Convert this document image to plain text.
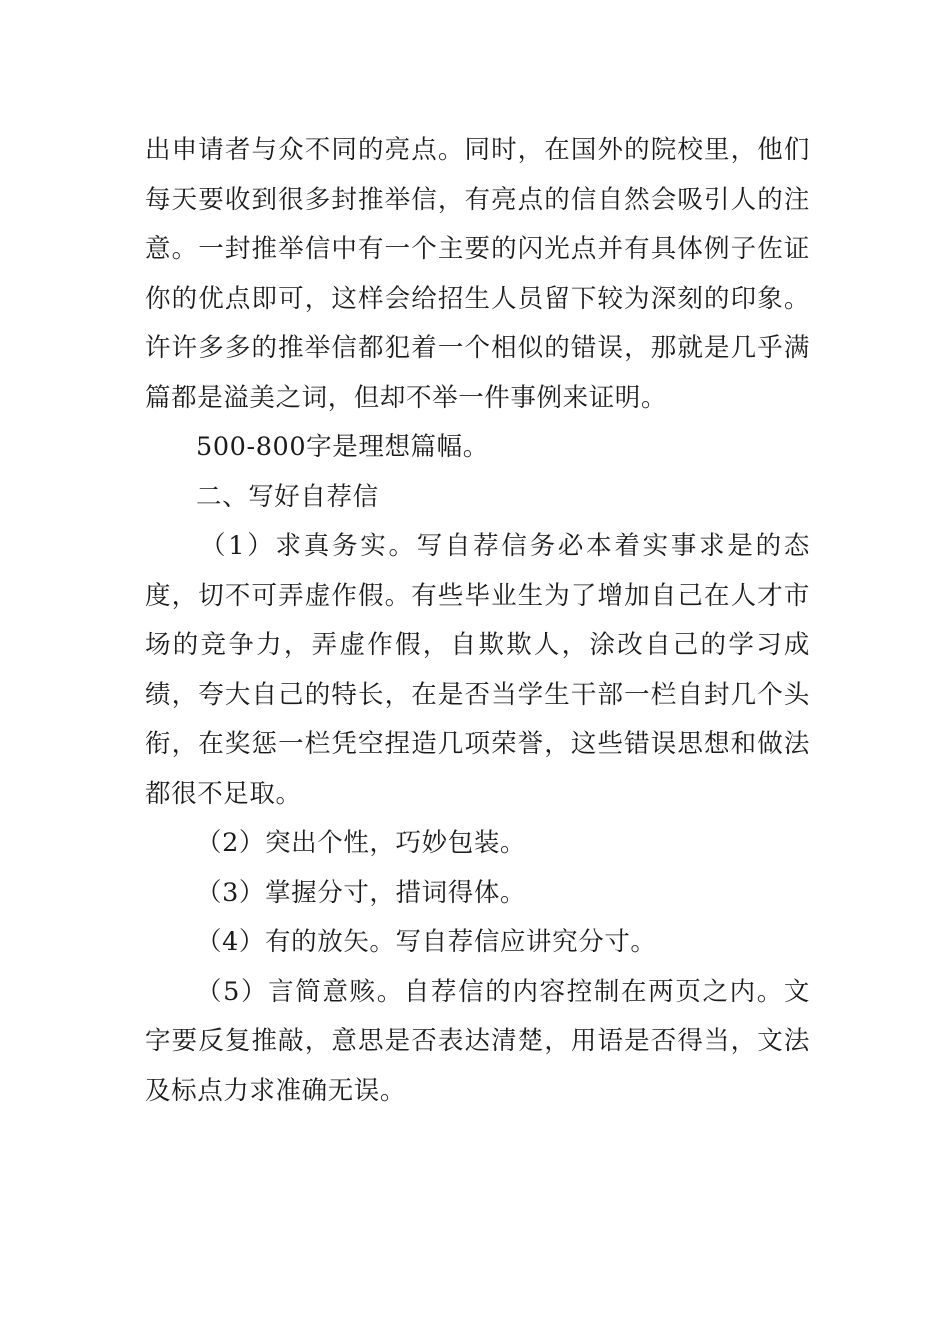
出申请者与众不同的亮点。同时，在国外的院校里，他们每天要收到很多封推举信，有亮点的信自然会吸引人的注意。一封推举信中有一个主要的闪光点并有具体例子佐证你的优点即可，这样会给招生人员留下较为深刻的印象。许许多多的推举信都犯着一个相似的错误，那就是几乎满篇都是溢美之词，但却不举一件事例来证明。

500-800字是理想篇幅。

二、写好自荐信

（1）求真务实。写自荐信务必本着实事求是的态度，切不可弄虚作假。有些毕业生为了增加自己在人才市场的竞争力，弄虚作假，自欺欺人，涂改自己的学习成绩，夸大自己的特长，在是否当学生干部一栏自封几个头衔，在奖惩一栏凭空捏造几项荣誉，这些错误思想和做法都很不足取。

（2）突出个性，巧妙包装。

（3）掌握分寸，措词得体。

（4）有的放矢。写自荐信应讲究分寸。

（5）言简意赅。自荐信的内容控制在两页之内。文字要反复推敲，意思是否表达清楚，用语是否得当，文法及标点力求准确无误。
